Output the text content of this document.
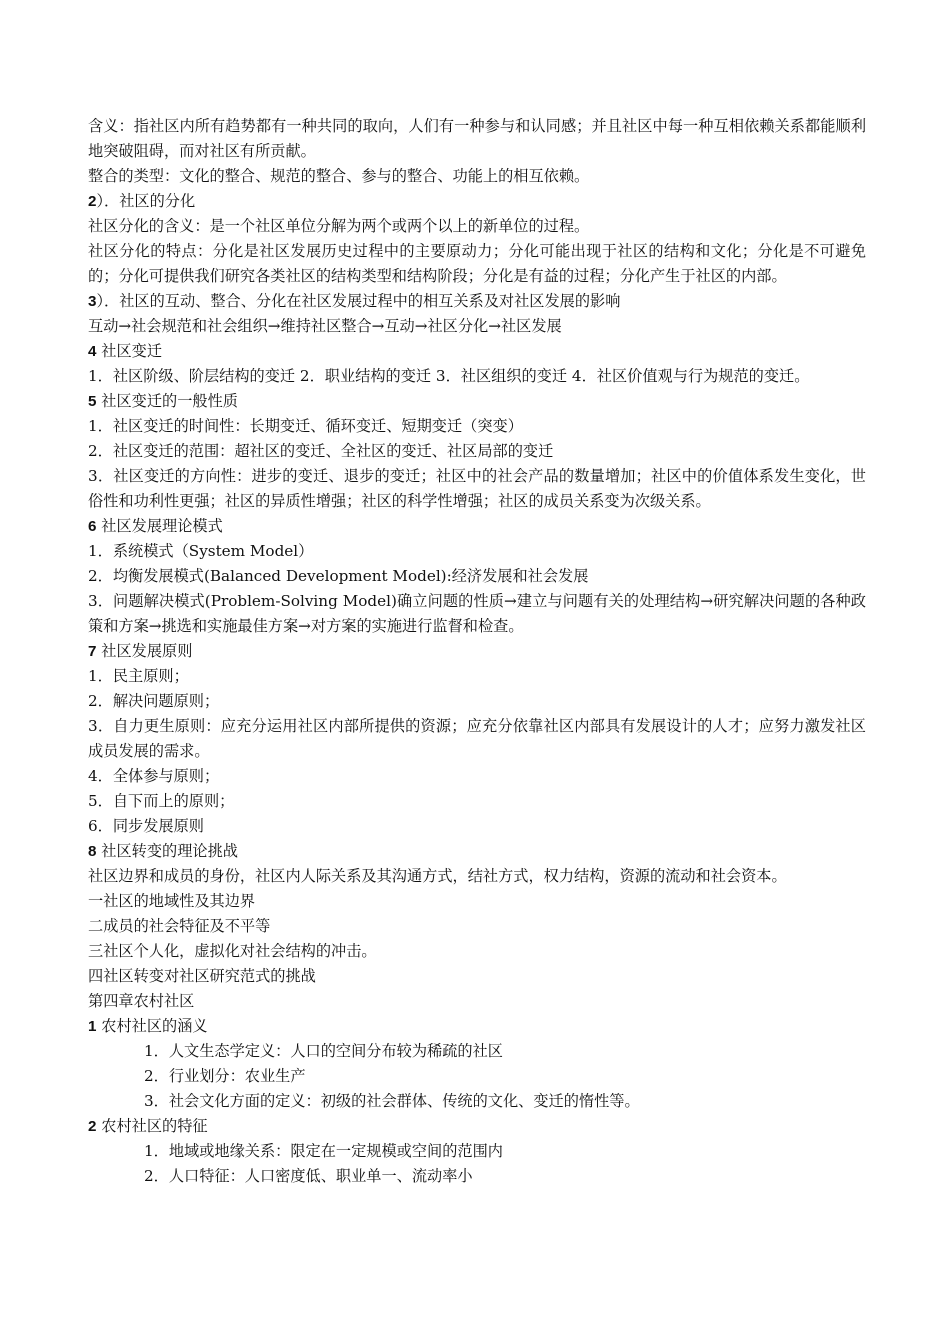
含义：指社区内所有趋势都有一种共同的取向，人们有一种参与和认同感；并且社区中每一种互相依赖关系都能顺利地突破阻碍，而对社区有所贡献。

整合的类型：文化的整合、规范的整合、参与的整合、功能上的相互依赖。

2）．社区的分化

社区分化的含义：是一个社区单位分解为两个或两个以上的新单位的过程。

社区分化的特点：分化是社区发展历史过程中的主要原动力；分化可能出现于社区的结构和文化；分化是不可避免的；分化可提供我们研究各类社区的结构类型和结构阶段；分化是有益的过程；分化产生于社区的内部。

3）．社区的互动、整合、分化在社区发展过程中的相互关系及对社区发展的影响

互动→社会规范和社会组织→维持社区整合→互动→社区分化→社区发展

4 社区变迁

1．社区阶级、阶层结构的变迁 2．职业结构的变迁 3．社区组织的变迁 4．社区价值观与行为规范的变迁。

5 社区变迁的一般性质

1．社区变迁的时间性：长期变迁、循环变迁、短期变迁（突变）

2．社区变迁的范围：超社区的变迁、全社区的变迁、社区局部的变迁

3．社区变迁的方向性：进步的变迁、退步的变迁；社区中的社会产品的数量增加；社区中的价值体系发生变化，世俗性和功利性更强；社区的异质性增强；社区的科学性增强；社区的成员关系变为次级关系。

6 社区发展理论模式

1．系统模式（System Model）

2．均衡发展模式(Balanced Development Model):经济发展和社会发展

3．问题解决模式(Problem-Solving Model)确立问题的性质→建立与问题有关的处理结构→研究解决问题的各种政策和方案→挑选和实施最佳方案→对方案的实施进行监督和检查。

7 社区发展原则

1．民主原则；

2．解决问题原则；

3．自力更生原则：应充分运用社区内部所提供的资源；应充分依靠社区内部具有发展设计的人才；应努力激发社区成员发展的需求。

4．全体参与原则；

5．自下而上的原则；

6．同步发展原则

8 社区转变的理论挑战

社区边界和成员的身份，社区内人际关系及其沟通方式，结社方式，权力结构，资源的流动和社会资本。

一社区的地域性及其边界

二成员的社会特征及不平等

三社区个人化，虚拟化对社会结构的冲击。

四社区转变对社区研究范式的挑战

第四章农村社区

1 农村社区的涵义

1．人文生态学定义：人口的空间分布较为稀疏的社区

2．行业划分：农业生产

3．社会文化方面的定义：初级的社会群体、传统的文化、变迁的惰性等。

2 农村社区的特征

1．地域或地缘关系：限定在一定规模或空间的范围内

2．人口特征：人口密度低、职业单一、流动率小
